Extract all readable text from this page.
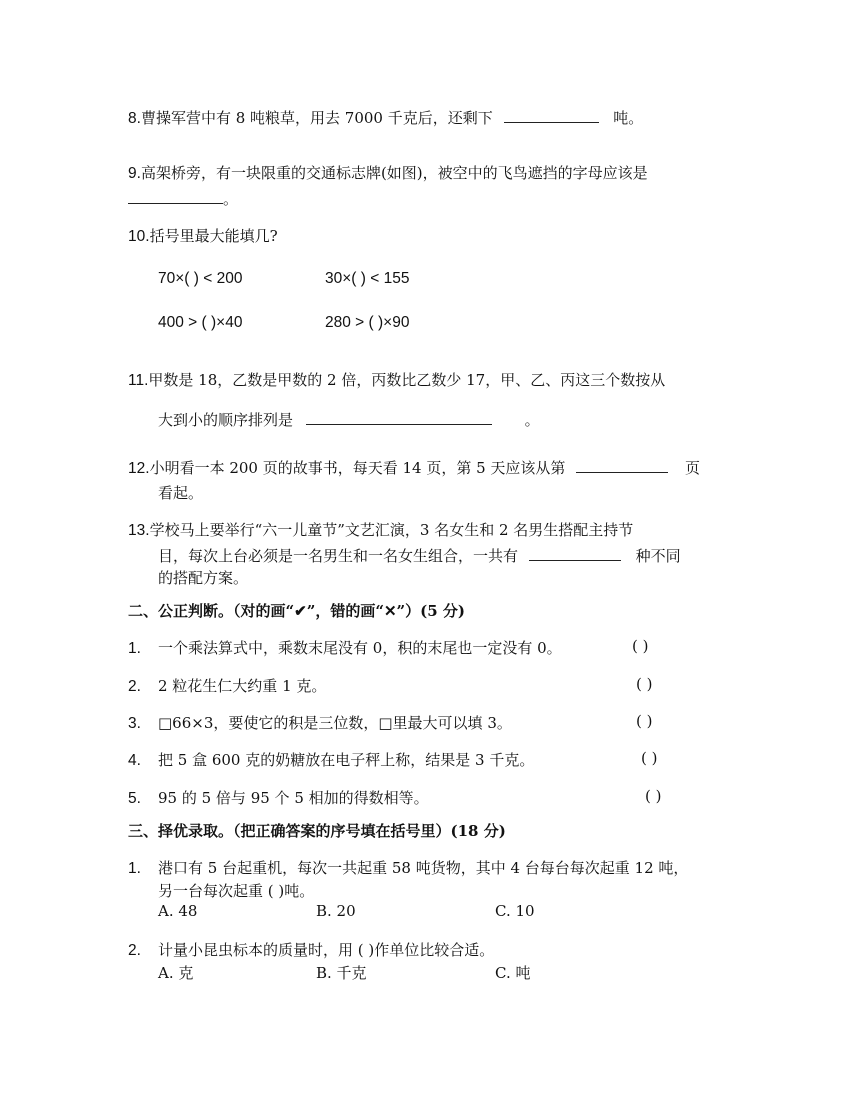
8.曹操军营中有 8 吨粮草，用去 7000 千克后，还剩下	吨。
9.高架桥旁，有一块限重的交通标志牌(如图)，被空中的飞鸟遮挡的字母应该是
。
10.括号里最大能填几?
70×( ) < 200	30×( ) < 155
400 > ( )×40	280 > ( )×90
11.甲数是 18，乙数是甲数的 2 倍，丙数比乙数少 17，甲、乙、丙这三个数按从
大到小的顺序排列是	。
12.小明看一本 200 页的故事书，每天看 14 页，第 5 天应该从第	页
看起。
13.学校马上要举行“六一儿童节”文艺汇演，3 名女生和 2 名男生搭配主持节
目，每次上台必须是一名男生和一名女生组合，一共有	种不同
的搭配方案。
二、公正判断。（对的画“✔”，错的画“✕”）(5 分)
1. 一个乘法算式中，乘数末尾没有 0，积的末尾也一定没有 0。	( )
2. 2 粒花生仁大约重 1 克。	( )
3. □66×3，要使它的积是三位数，□里最大可以填 3。	( )
4. 把 5 盒 600 克的奶糖放在电子秤上称，结果是 3 千克。	( )
5. 95 的 5 倍与 95 个 5 相加的得数相等。	( )
三、择优录取。（把正确答案的序号填在括号里）(18 分)
1. 港口有 5 台起重机，每次一共起重 58 吨货物，其中 4 台每台每次起重 12 吨，
另一台每次起重 ( )吨。
A. 48	B. 20	C. 10
2. 计量小昆虫标本的质量时，用 ( )作单位比较合适。
A. 克	B. 千克	C. 吨
